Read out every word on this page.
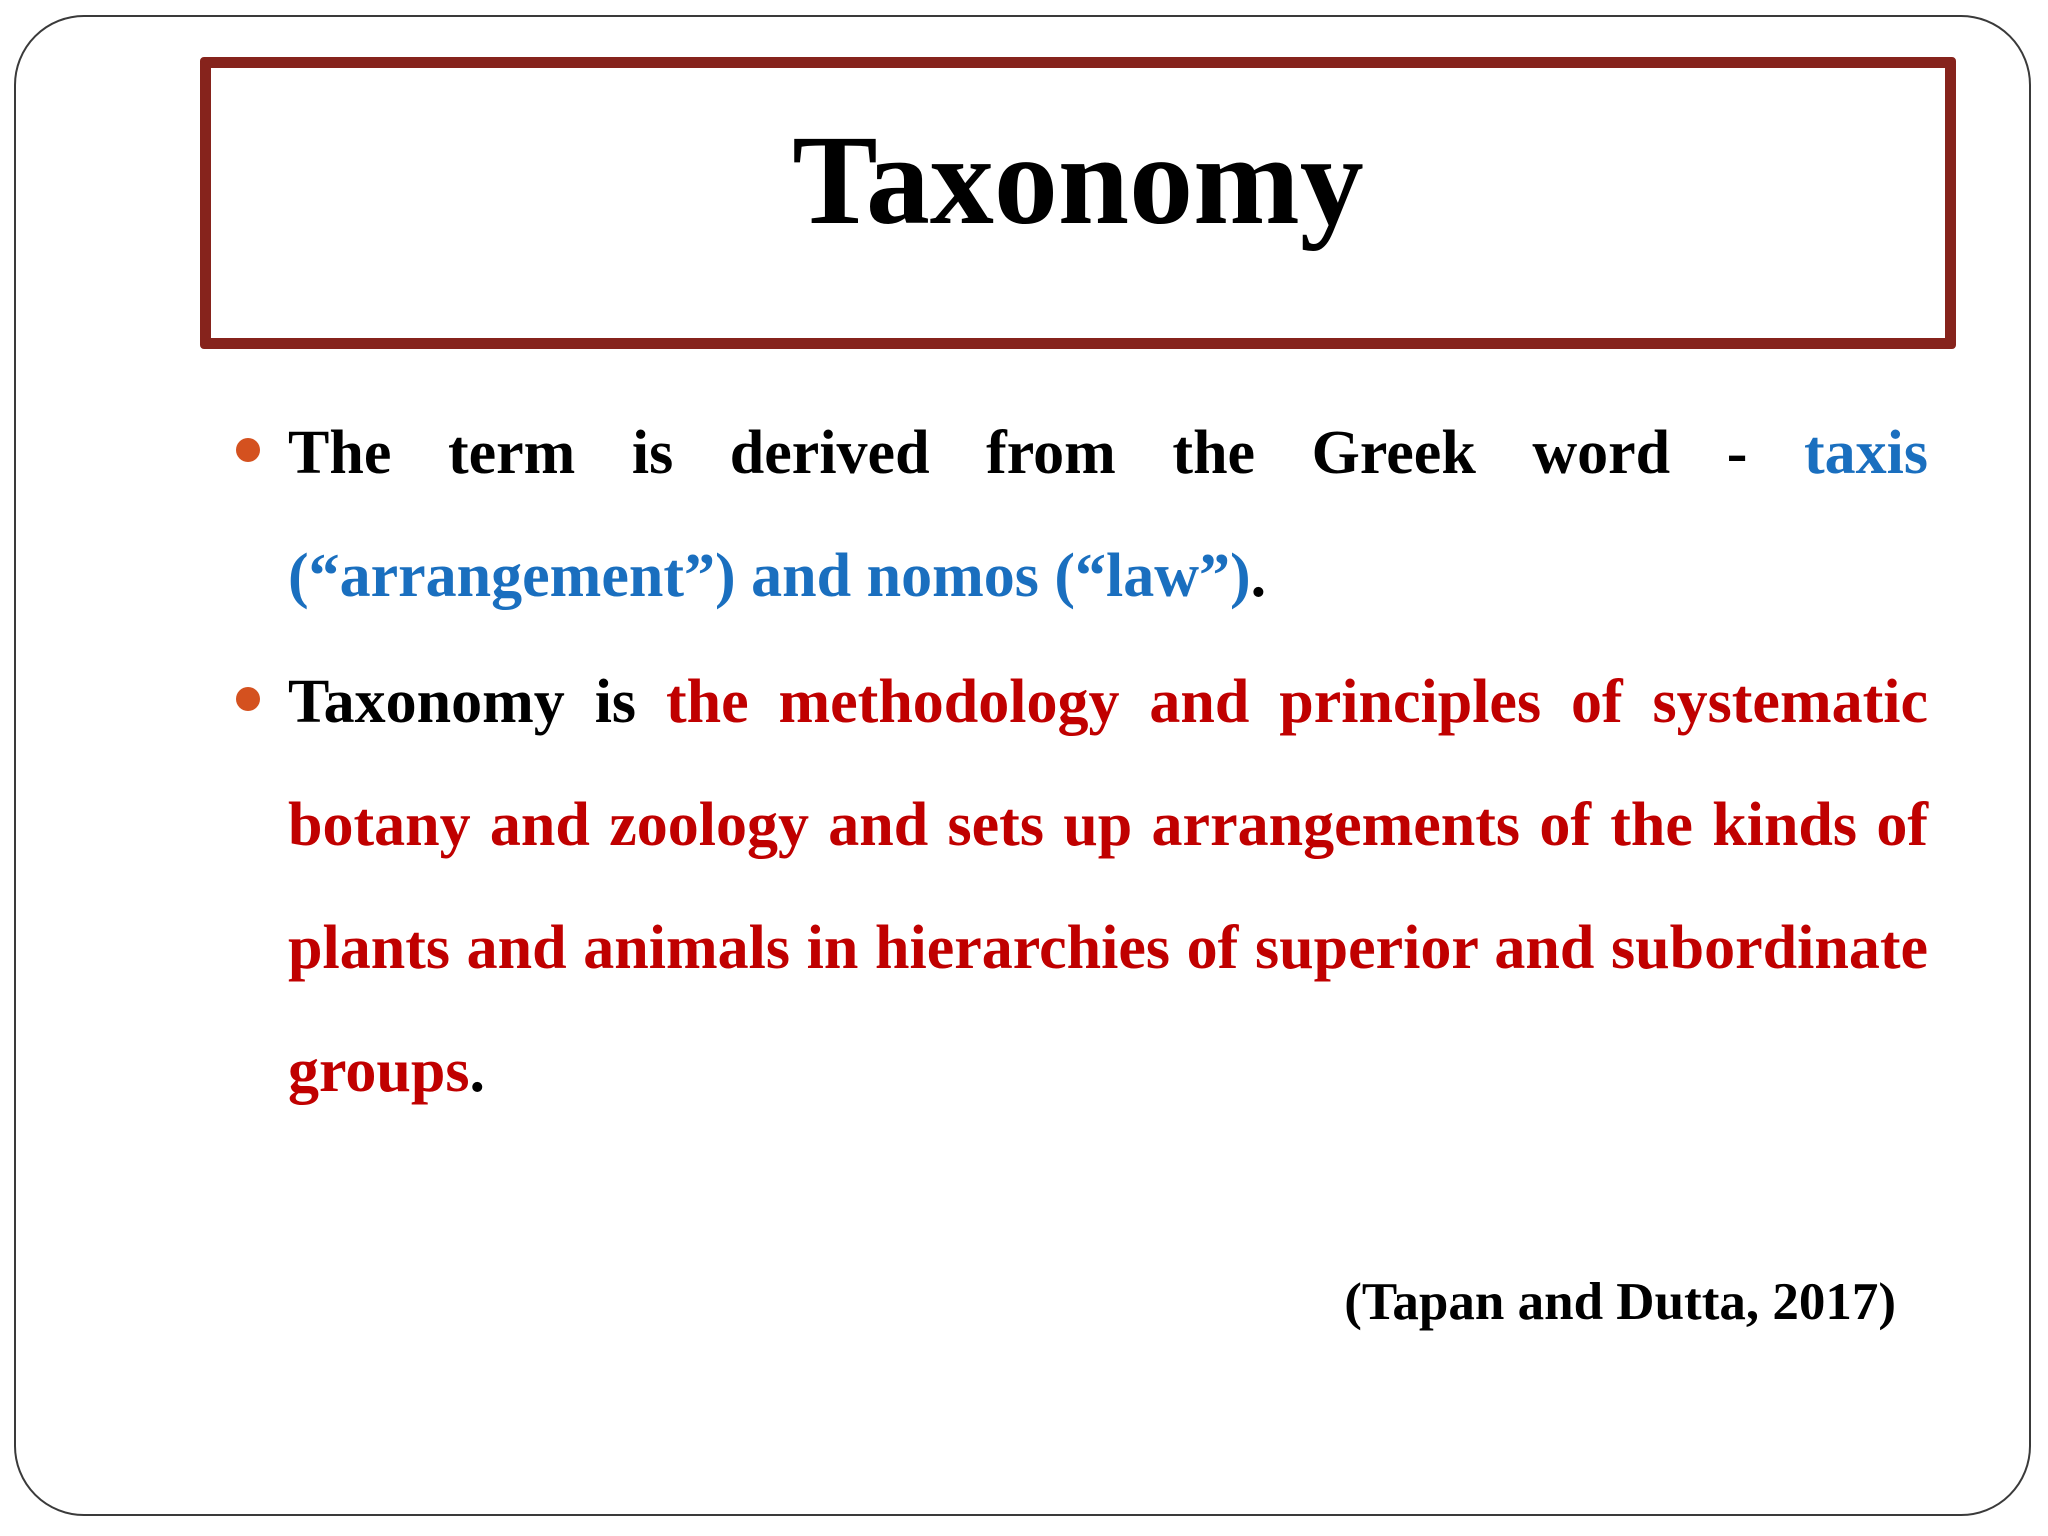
Taxonomy
The term is derived from the Greek word - taxis (“arrangement”) and nomos (“law”).
Taxonomy is the methodology and principles of systematic botany and zoology and sets up arrangements of the kinds of plants and animals in hierarchies of superior and subordinate groups.
(Tapan and Dutta, 2017)
